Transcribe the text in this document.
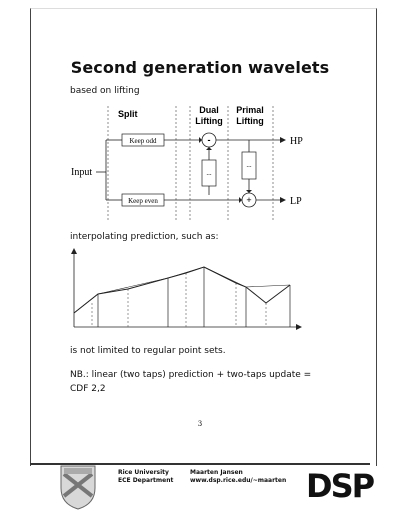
Second generation wavelets
based on lifting
Split	Dual
Lifting
Primal
Lifting
Keep odd
Keep even
-
+
...
...
Input
HP
LP
interpolating prediction, such as:
is not limited to regular point sets.
NB.: linear (two taps) prediction + two-taps update =
CDF 2,2
3
Rice University
ECE Department
Maarten Jansen
www.dsp.rice.edu/~maarten DSP
